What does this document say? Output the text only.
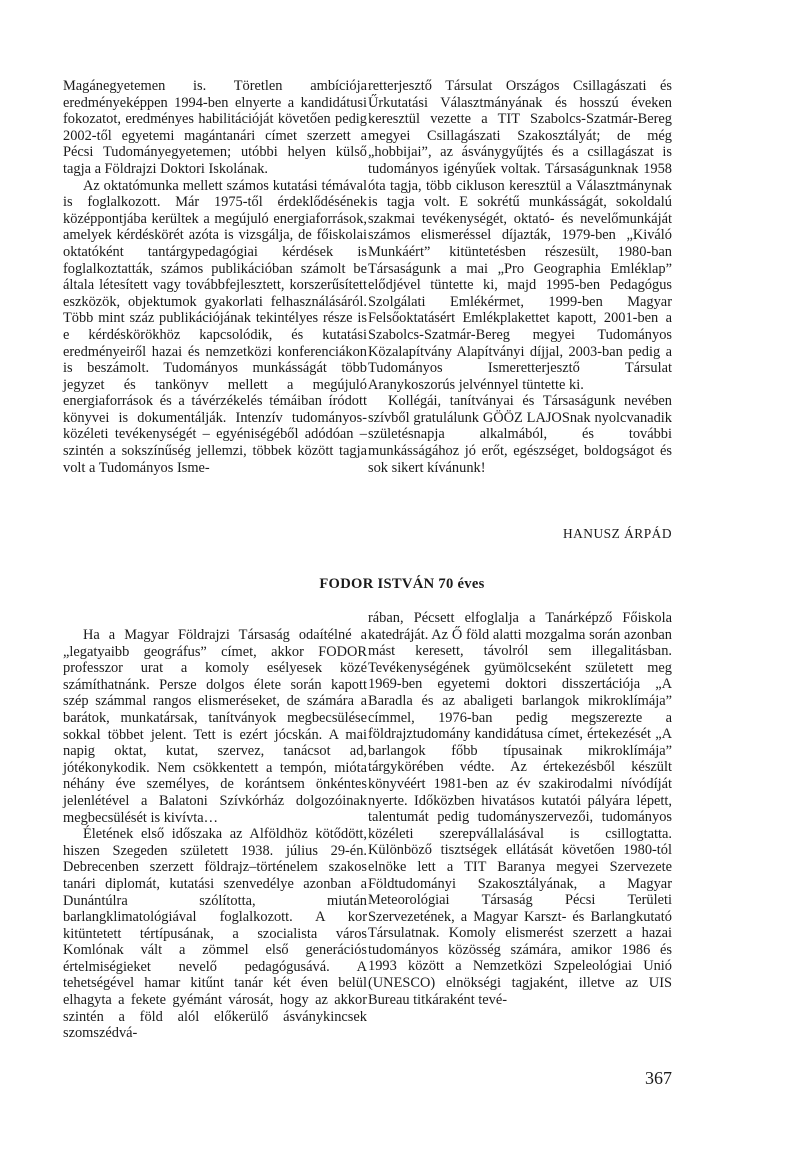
Magánegyetemen is. Töretlen ambíciója eredményeképpen 1994-ben elnyerte a kandidátusi fokozatot, eredményes habilitációját követően pedig 2002-től egyetemi magántanári címet szerzett a Pécsi Tudományegyetemen; utóbbi helyen külső tagja a Földrajzi Doktori Iskolának.

Az oktatómunka mellett számos kutatási témával is foglalkozott. Már 1975-től érdeklődésének középpontjába kerültek a megújuló energiaforrások, amelyek kérdéskörét azóta is vizsgálja, de főiskolai oktatóként tantárgypedagógiai kérdések is foglalkoztatták, számos publikációban számolt be általa létesített vagy továbbfejlesztett, korszerűsített eszközök, objektumok gyakorlati felhasználásáról. Több mint száz publikációjának tekintélyes része is e kérdéskörökhöz kapcsolódik, és kutatási eredményeiről hazai és nemzetközi konferenciákon is beszámolt. Tudományos munkásságát több jegyzet és tankönyv mellett a megújuló energiaforrások és a távérzékelés témáiban íródott könyvei is dokumentálják. Intenzív tudományos-közéleti tevékenységét – egyéniségéből adódóan – szintén a sokszínűség jellemzi, többek között tagja volt a Tudományos Isme-

retterjesztő Társulat Országos Csillagászati és Űrkutatási Választmányának és hosszú éveken keresztül vezette a TIT Szabolcs-Szatmár-Bereg megyei Csillagászati Szakosztályát; de még „hobbijai”, az ásványgyűjtés és a csillagászat is tudományos igényűek voltak. Társaságunknak 1958 óta tagja, több cikluson keresztül a Választmánynak is tagja volt. E sokrétű munkásságát, sokoldalú szakmai tevékenységét, oktató- és nevelőmunkáját számos elismeréssel díjazták, 1979-ben „Kiváló Munkáért” kitüntetésben részesült, 1980-ban Társaságunk a mai „Pro Geographia Emléklap” elődjével tüntette ki, majd 1995-ben Pedagógus Szolgálati Emlékérmet, 1999-ben Magyar Felsőoktatásért Emlékplakettet kapott, 2001-ben a Szabolcs-Szatmár-Bereg megyei Tudományos Közalapítvány Alapítványi díjjal, 2003-ban pedig a Tudományos Ismeretterjesztő Társulat Aranykoszorús jelvénnyel tüntette ki.

Kollégái, tanítványai és Társaságunk nevében szívből gratulálunk GÖÖZ LAJOSnak nyolcvanadik születésnapja alkalmából, és további munkásságához jó erőt, egészséget, boldogságot és sok sikert kívánunk!

HANUSZ ÁRPÁD
FODOR ISTVÁN 70 éves

Ha a Magyar Földrajzi Társaság odaítélné a „legatyaibb geográfus” címet, akkor FODOR professzor urat a komoly esélyesek közé számíthatnánk. Persze dolgos élete során kapott szép számmal rangos elismeréseket, de számára a barátok, munkatársak, tanítványok megbecsülése sokkal többet jelent. Tett is ezért jócskán. A mai napig oktat, kutat, szervez, tanácsot ad, jótékonykodik. Nem csökkentett a tempón, mióta néhány éve személyes, de korántsem önkéntes jelenlétével a Balatoni Szívkórház dolgozóinak megbecsülését is kivívta…

Életének első időszaka az Alföldhöz kötődött, hiszen Szegeden született 1938. július 29-én. Debrecenben szerzett földrajz–történelem szakos tanári diplomát, kutatási szenvedélye azonban a Dunántúlra szólította, miután barlangklimatológiával foglalkozott. A kor kitüntetett tértípusának, a szocialista város Komlónak vált a zömmel első generációs értelmiségieket nevelő pedagógusává. A tehetségével hamar kitűnt tanár két éven belül elhagyta a fekete gyémánt városát, hogy az akkor szintén a föld alól előkerülő ásványkincsek szomszédvá-

rában, Pécsett elfoglalja a Tanárképző Főiskola katedráját. Az Ő föld alatti mozgalma során azonban mást keresett, távolról sem illegalitásban. Tevékenységének gyümölcseként született meg 1969-ben egyetemi doktori disszertációja „A Baradla és az abaligeti barlangok mikroklímája” címmel, 1976-ban pedig megszerezte a földrajztudomány kandidátusa címet, értekezését „A barlangok főbb típusainak mikroklímája” tárgykörében védte. Az értekezésből készült könyvéért 1981-ben az év szakirodalmi nívódíját nyerte. Időközben hivatásos kutatói pályára lépett, talentumát pedig tudományszervezői, tudományos közéleti szerepvállalásával is csillogtatta. Különböző tisztségek ellátását követően 1980-tól elnöke lett a TIT Baranya megyei Szervezete Földtudományi Szakosztályának, a Magyar Meteorológiai Társaság Pécsi Területi Szervezetének, a Magyar Karszt- és Barlangkutató Társulatnak. Komoly elismerést szerzett a hazai tudományos közösség számára, amikor 1986 és 1993 között a Nemzetközi Szpeleológiai Unió (UNESCO) elnökségi tagjaként, illetve az UIS Bureau titkáraként tevé-

367
